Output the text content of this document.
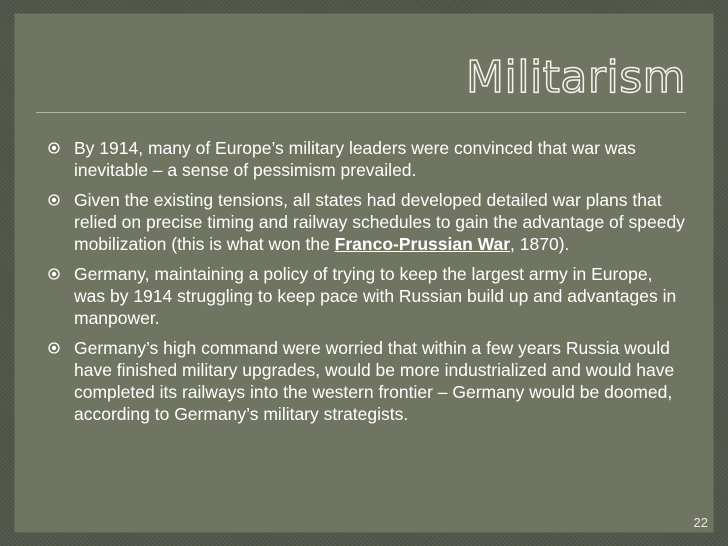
Militarism
By 1914, many of Europe’s military leaders were convinced that war was inevitable – a sense of pessimism prevailed.
Given the existing tensions, all states had developed detailed war plans that relied on precise timing and railway schedules to gain the advantage of speedy mobilization (this is what won the Franco-Prussian War, 1870).
Germany, maintaining a policy of trying to keep the largest army in Europe, was by 1914 struggling to keep pace with Russian build up and advantages in manpower.
Germany’s high command were worried that within a few years Russia would have finished military upgrades, would be more industrialized and would have completed its railways into the western frontier – Germany would be doomed, according to Germany’s military strategists.
22
